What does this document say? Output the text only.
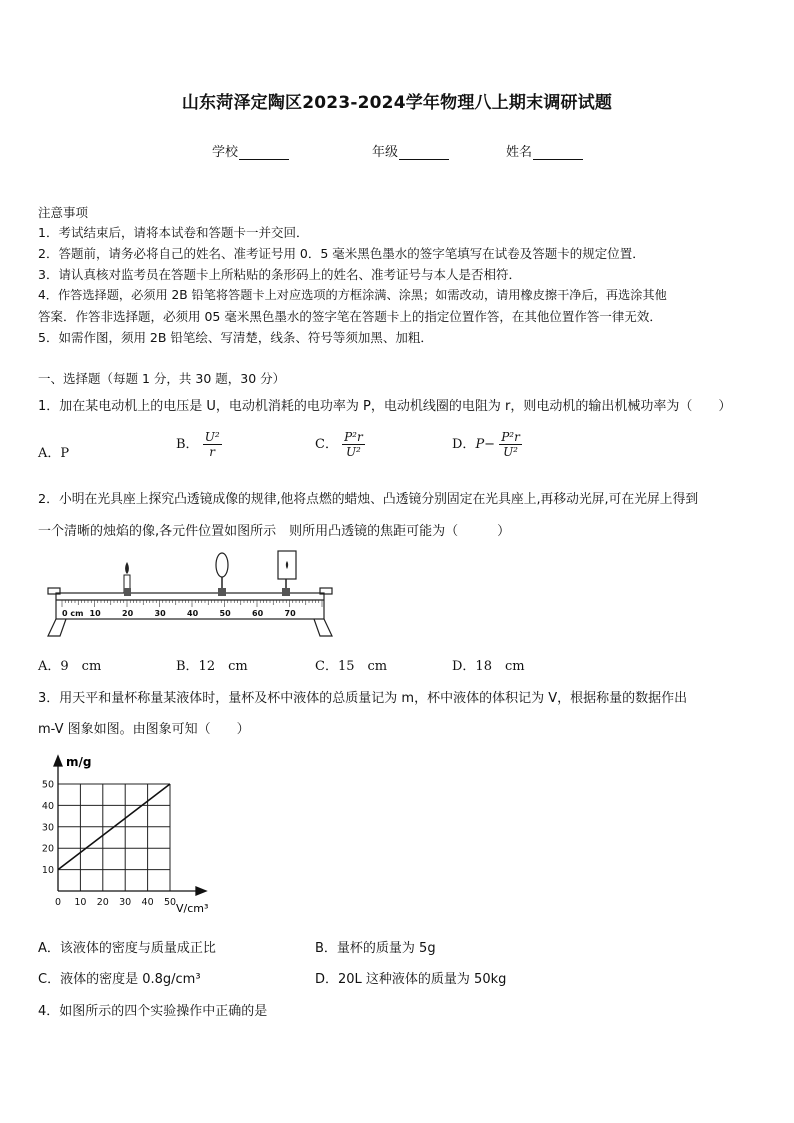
山东菏泽定陶区2023-2024学年物理八上期末调研试题
学校	年级	姓名
注意事项
1．考试结束后，请将本试卷和答题卡一并交回．
2．答题前，请务必将自己的姓名、准考证号用 0．5 毫米黑色墨水的签字笔填写在试卷及答题卡的规定位置．
3．请认真核对监考员在答题卡上所粘贴的条形码上的姓名、准考证号与本人是否相符．
4．作答选择题，必须用 2B 铅笔将答题卡上对应选项的方框涂满、涂黑；如需改动，请用橡皮擦干净后，再选涂其他
答案．作答非选择题，必须用 05 毫米黑色墨水的签字笔在答题卡上的指定位置作答，在其他位置作答一律无效．
5．如需作图，须用 2B 铅笔绘、写清楚，线条、符号等须加黑、加粗．
一、选择题（每题 1 分，共 30 题，30 分）
1．加在某电动机上的电压是 U，电动机消耗的电功率为 P，电动机线圈的电阻为 r，则电动机的输出机械功率为（　　）
A．P
B． $\frac{\text{U²}}{r}$	C． $\frac{\text{P²r}}{\text{U²}}$	D．$P- \frac{\text{P²r}}{\text{U²}}$
2．小明在光具座上探究凸透镜成像的规律,他将点燃的蜡烛、凸透镜分别固定在光具座上,再移动光屏,可在光屏上得到
一个清晰的烛焰的像,各元件位置如图所示　则所用凸透镜的焦距可能为（　　　）
0 cm 10	20	30	40	50	60	70
A．9　cm	B．12　cm	C．15　cm	D．18　cm
3．用天平和量杯称量某液体时，量杯及杯中液体的总质量记为 m，杯中液体的体积记为 V，根据称量的数据作出
m-V 图象如图。由图象可知（　　）
m/g
V/cm³
0 10 20 30 40 50
10
20
30
40
50
A．该液体的密度与质量成正比	B．量杯的质量为 5g
C．液体的密度是 0.8g/cm³	D．20L 这种液体的质量为 50kg
4．如图所示的四个实验操作中正确的是
